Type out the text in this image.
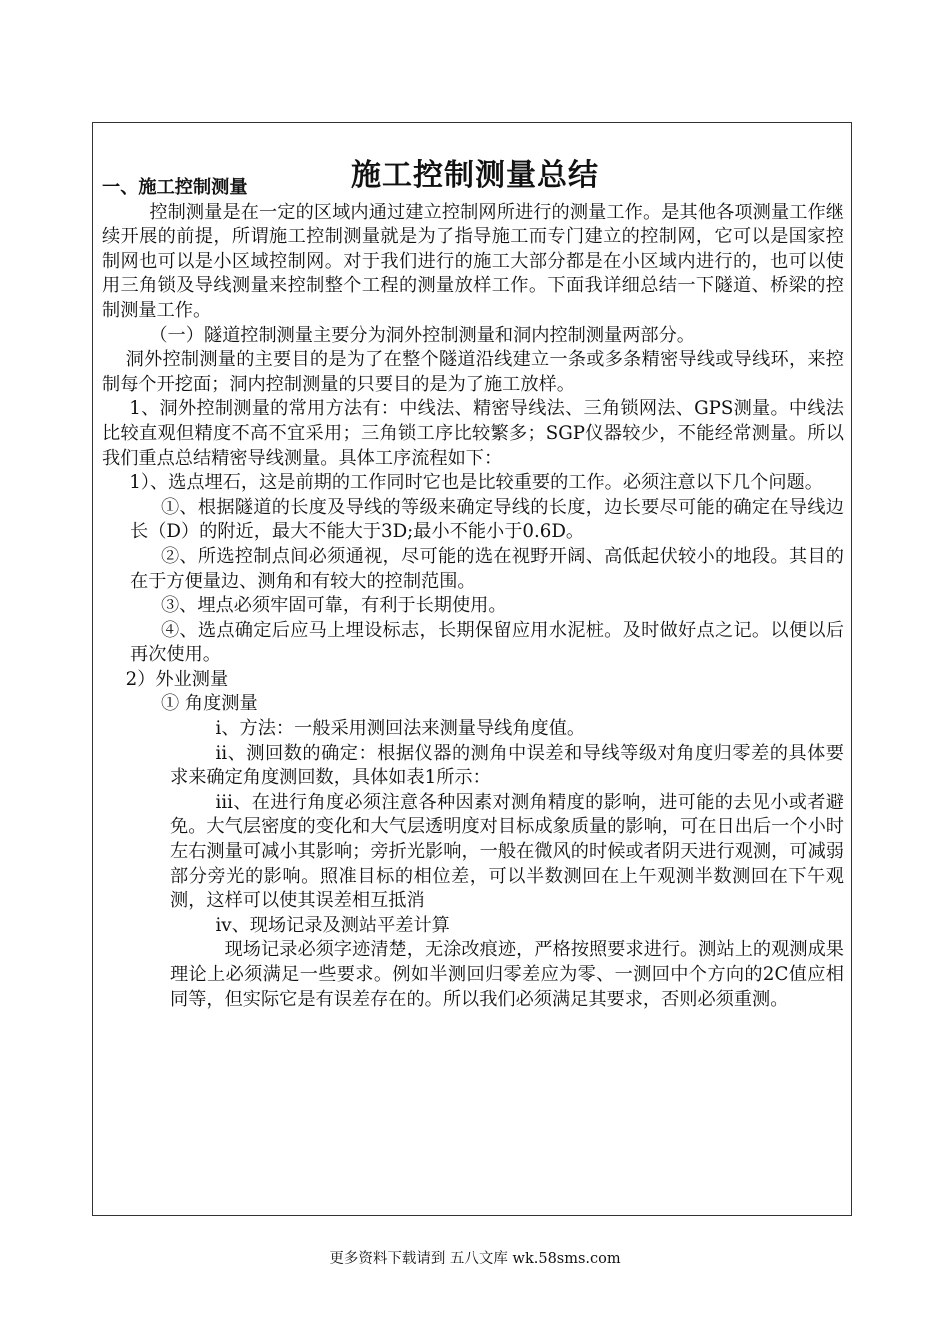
施工控制测量总结

一、施工控制测量

控制测量是在一定的区域内通过建立控制网所进行的测量工作。是其他各项测量工作继续开展的前提，所谓施工控制测量就是为了指导施工而专门建立的控制网，它可以是国家控制网也可以是小区域控制网。对于我们进行的施工大部分都是在小区域内进行的，也可以使用三角锁及导线测量来控制整个工程的测量放样工作。下面我详细总结一下隧道、桥梁的控制测量工作。

（一）隧道控制测量主要分为洞外控制测量和洞内控制测量两部分。

洞外控制测量的主要目的是为了在整个隧道沿线建立一条或多条精密导线或导线环，来控制每个开挖面；洞内控制测量的只要目的是为了施工放样。

1、洞外控制测量的常用方法有：中线法、精密导线法、三角锁网法、GPS测量。中线法比较直观但精度不高不宜采用；三角锁工序比较繁多；SGP仪器较少，不能经常测量。所以我们重点总结精密导线测量。具体工序流程如下：

1）、选点埋石，这是前期的工作同时它也是比较重要的工作。必须注意以下几个问题。

①、根据隧道的长度及导线的等级来确定导线的长度，边长要尽可能的确定在导线边长（D）的附近，最大不能大于3D;最小不能小于0.6D。

②、所选控制点间必须通视，尽可能的选在视野开阔、高低起伏较小的地段。其目的在于方便量边、测角和有较大的控制范围。

③、埋点必须牢固可靠，有利于长期使用。

④、选点确定后应马上埋设标志，长期保留应用水泥桩。及时做好点之记。以便以后再次使用。

2）外业测量

① 角度测量

ⅰ、方法：一般采用测回法来测量导线角度值。

ⅱ、测回数的确定：根据仪器的测角中误差和导线等级对角度归零差的具体要求来确定角度测回数，具体如表1所示：

ⅲ、在进行角度必须注意各种因素对测角精度的影响，进可能的去见小或者避免。大气层密度的变化和大气层透明度对目标成象质量的影响，可在日出后一个小时左右测量可减小其影响；旁折光影响，一般在微风的时候或者阴天进行观测，可减弱部分旁光的影响。照准目标的相位差，可以半数测回在上午观测半数测回在下午观测，这样可以使其误差相互抵消

ⅳ、现场记录及测站平差计算

现场记录必须字迹清楚，无涂改痕迹，严格按照要求进行。测站上的观测成果理论上必须满足一些要求。例如半测回归零差应为零、一测回中个方向的2C值应相同等，但实际它是有误差存在的。所以我们必须满足其要求，否则必须重测。

更多资料下载请到 五八文库 wk.58sms.com
